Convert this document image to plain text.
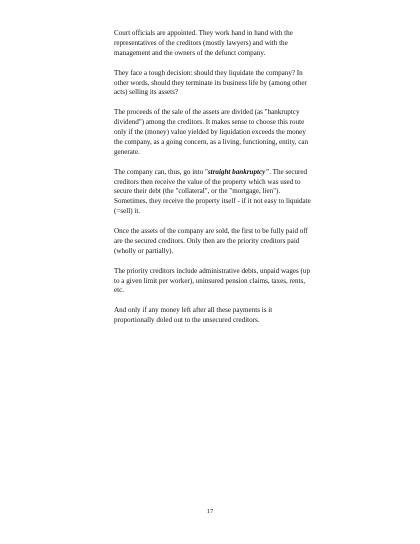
Court officials are appointed. They work hand in hand with the representatives of the creditors (mostly lawyers) and with the management and the owners of the defunct company.

They face a tough decision: should they liquidate the company? In other words, should they terminate its business life by (among other acts) selling its assets?

The proceeds of the sale of the assets are divided (as "bankruptcy dividend") among the creditors. It makes sense to choose this route only if the (money) value yielded by liquidation exceeds the money the company, as a going concern, as a living, functioning, entity, can generate.

The company can, thus, go into "straight bankruptcy". The secured creditors then receive the value of the property which was used to secure their debt (the "collateral", or the "mortgage, lien"). Sometimes, they receive the property itself - if it not easy to liquidate (=sell) it.

Once the assets of the company are sold, the first to be fully paid off are the secured creditors. Only then are the priority creditors paid (wholly or partially).

The priority creditors include administrative debts, unpaid wages (up to a given limit per worker), uninsured pension claims, taxes, rents, etc.

And only if any money left after all these payments is it proportionally doled out to the unsecured creditors.

17
